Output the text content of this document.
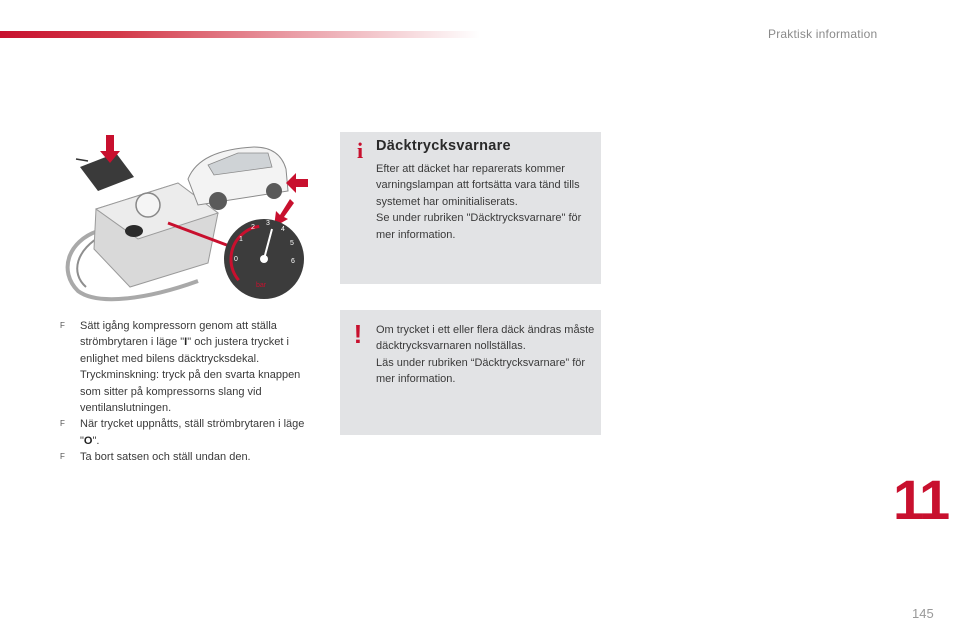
Praktisk information
0
1
2
3
4
5
6
bar
F Sätt igång kompressorn genom att ställa strömbrytaren i läge "I" och justera trycket i enlighet med bilens däcktrycksdekal. Tryckminskning: tryck på den svarta knappen som sitter på kompressorns slang vid ventilanslutningen.
F När trycket uppnåtts, ställ strömbrytaren i läge "O".
F Ta bort satsen och ställ undan den.
i Däcktrycksvarnare

Efter att däcket har reparerats kommer varningslampan att fortsätta vara tänd tills systemet har ominitialiserats.

Se under rubriken "Däcktrycksvarnare" för mer information.

!	Om trycket i ett eller flera däck ändras måste däcktrycksvarnaren nollställas.

Läs under rubriken “Däcktrycksvarnare” för mer information.

11
145
